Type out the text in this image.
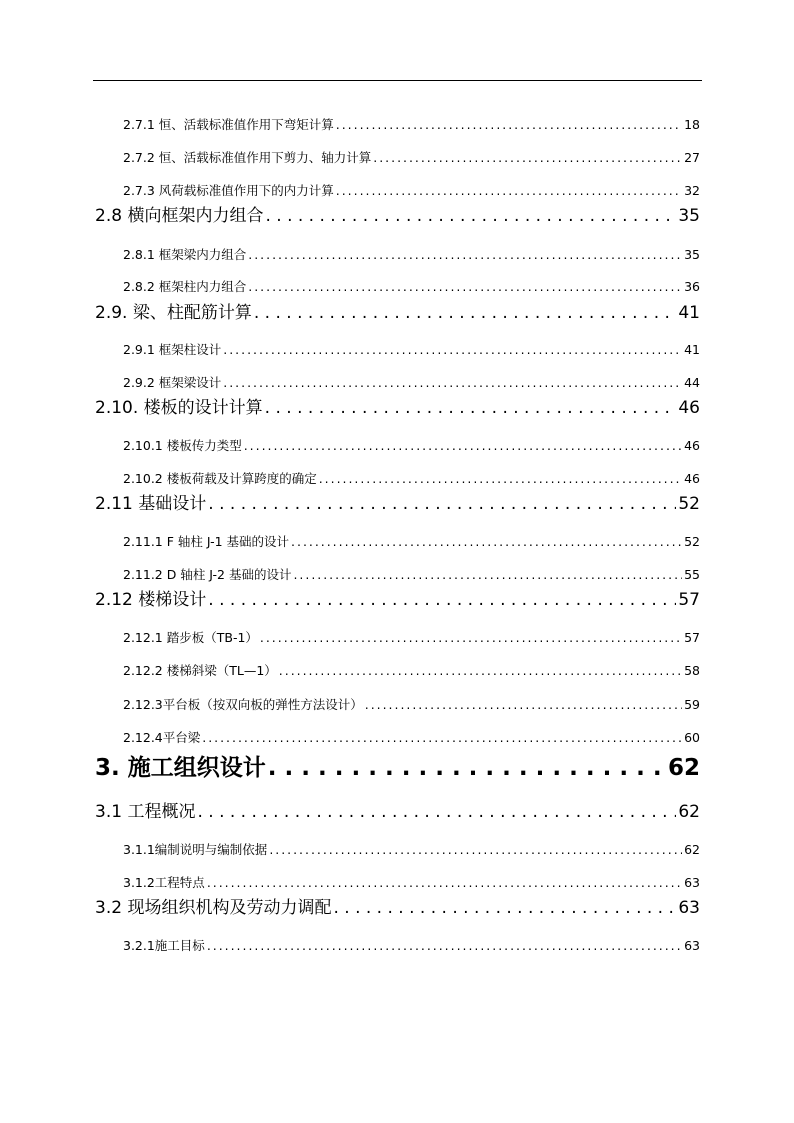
2.7.1 恒、活载标准值作用下弯矩计算 . . .	18
2.7.2 恒、活载标准值作用下剪力、轴力计算 . . .	27
2.7.3 风荷载标准值作用下的内力计算 . . .	32
2.8 横向框架内力组合 . . .	35
2.8.1 框架梁内力组合 . . .	35
2.8.2 框架柱内力组合 . . .	36
2.9. 梁、柱配筋计算 . . .	41
2.9.1 框架柱设计 . . .	41
2.9.2 框架梁设计 . . .	44
2.10. 楼板的设计计算 . . .	46
2.10.1 楼板传力类型 . . .	46
2.10.2 楼板荷载及计算跨度的确定 . . .	46
2.11 基础设计 . . .	52
2.11.1 F 轴柱 J-1 基础的设计 . . .	52
2.11.2 D 轴柱 J-2 基础的设计 . . .	55
2.12 楼梯设计 . . .	57
2.12.1 踏步板（TB-1） . . .	57
2.12.2 楼梯斜梁（TL—1） . . .	58
2.12.3平台板（按双向板的弹性方法设计） . . .	59
2.12.4平台梁 . . .	60
3. 施工组织设计 . . .	62
3.1 工程概况 . . .	62
3.1.1编制说明与编制依据 . . .	62
3.1.2工程特点 . . .	63
3.2 现场组织机构及劳动力调配 . . .	63
3.2.1施工目标 . . .	63
